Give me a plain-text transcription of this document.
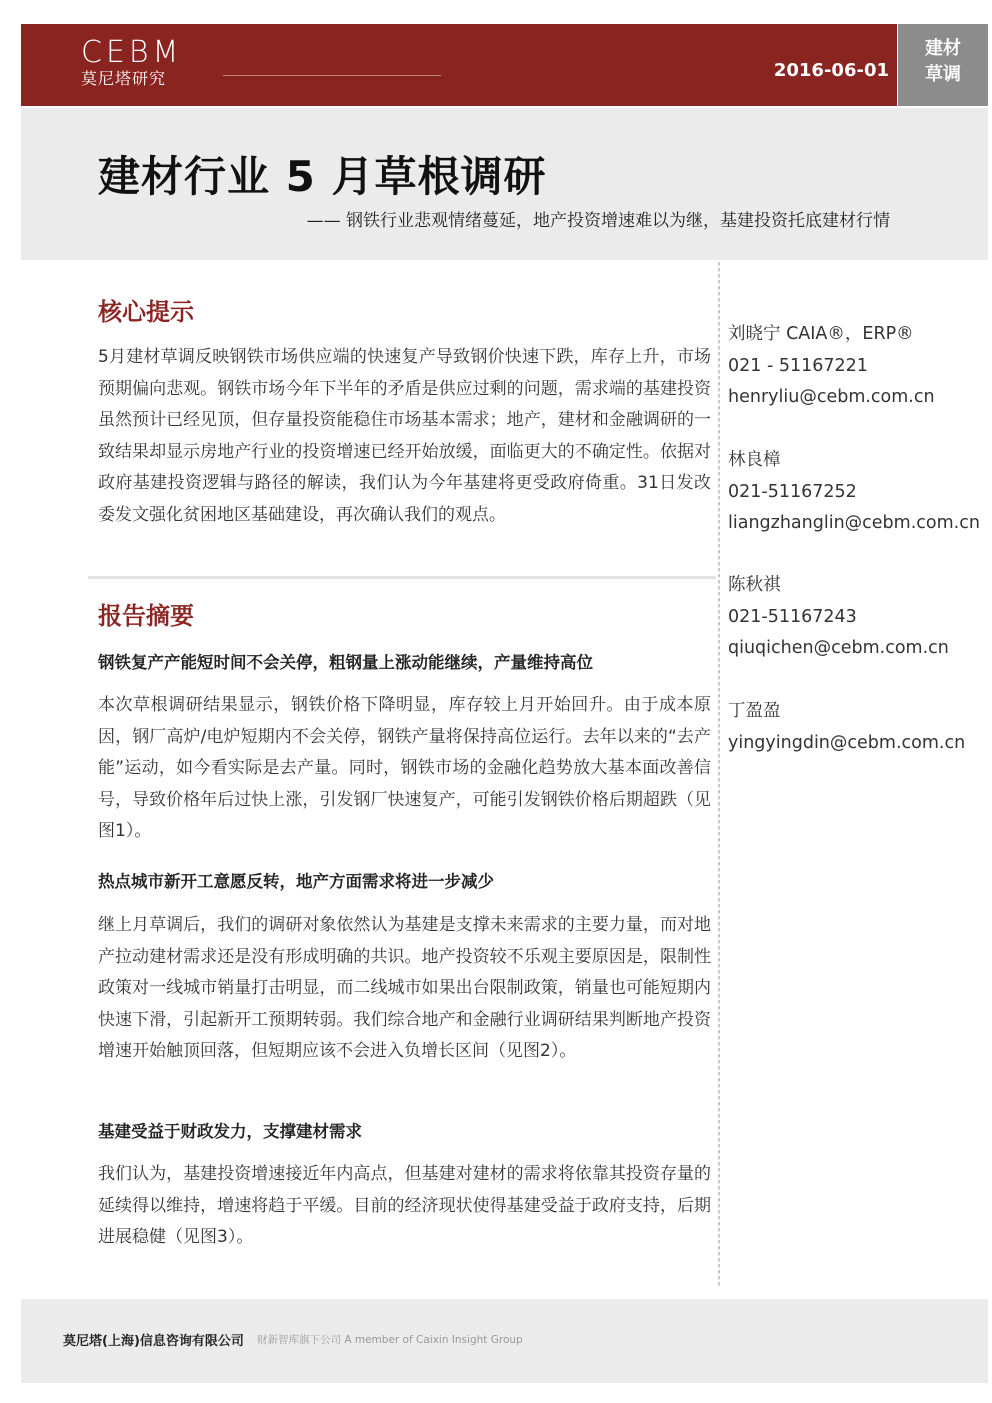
CEBM
莫尼塔研究	2016-06-01
建材
草调
建材行业 5 月草根调研
—— 钢铁行业悲观情绪蔓延，地产投资增速难以为继，基建投资托底建材行情
核心提示
5月建材草调反映钢铁市场供应端的快速复产导致钢价快速下跌，库存上升，市场预期偏向悲观。钢铁市场今年下半年的矛盾是供应过剩的问题，需求端的基建投资虽然预计已经见顶，但存量投资能稳住市场基本需求；地产，建材和金融调研的一致结果却显示房地产行业的投资增速已经开始放缓，面临更大的不确定性。依据对政府基建投资逻辑与路径的解读，我们认为今年基建将更受政府倚重。31日发改委发文强化贫困地区基础建设，再次确认我们的观点。
报告摘要
钢铁复产产能短时间不会关停，粗钢量上涨动能继续，产量维持高位
本次草根调研结果显示，钢铁价格下降明显，库存较上月开始回升。由于成本原因，钢厂高炉/电炉短期内不会关停，钢铁产量将保持高位运行。去年以来的“去产能”运动，如今看实际是去产量。同时，钢铁市场的金融化趋势放大基本面改善信号，导致价格年后过快上涨，引发钢厂快速复产，可能引发钢铁价格后期超跌（见图1）。
热点城市新开工意愿反转，地产方面需求将进一步减少
继上月草调后，我们的调研对象依然认为基建是支撑未来需求的主要力量，而对地产拉动建材需求还是没有形成明确的共识。地产投资较不乐观主要原因是，限制性政策对一线城市销量打击明显，而二线城市如果出台限制政策，销量也可能短期内快速下滑，引起新开工预期转弱。我们综合地产和金融行业调研结果判断地产投资增速开始触顶回落，但短期应该不会进入负增长区间（见图2）。
基建受益于财政发力，支撑建材需求
我们认为，基建投资增速接近年内高点，但基建对建材的需求将依靠其投资存量的延续得以维持，增速将趋于平缓。目前的经济现状使得基建受益于政府支持，后期进展稳健（见图3）。
刘晓宁 CAIA®，ERP®
021 - 51167221
henryliu@cebm.com.cn
林良樟
021-51167252
liangzhanglin@cebm.com.cn
陈秋祺
021-51167243
qiuqichen@cebm.com.cn
丁盈盈
yingyingdin@cebm.com.cn
莫尼塔(上海)信息咨询有限公司 财新智库旗下公司 A member of Caixin Insight Group
